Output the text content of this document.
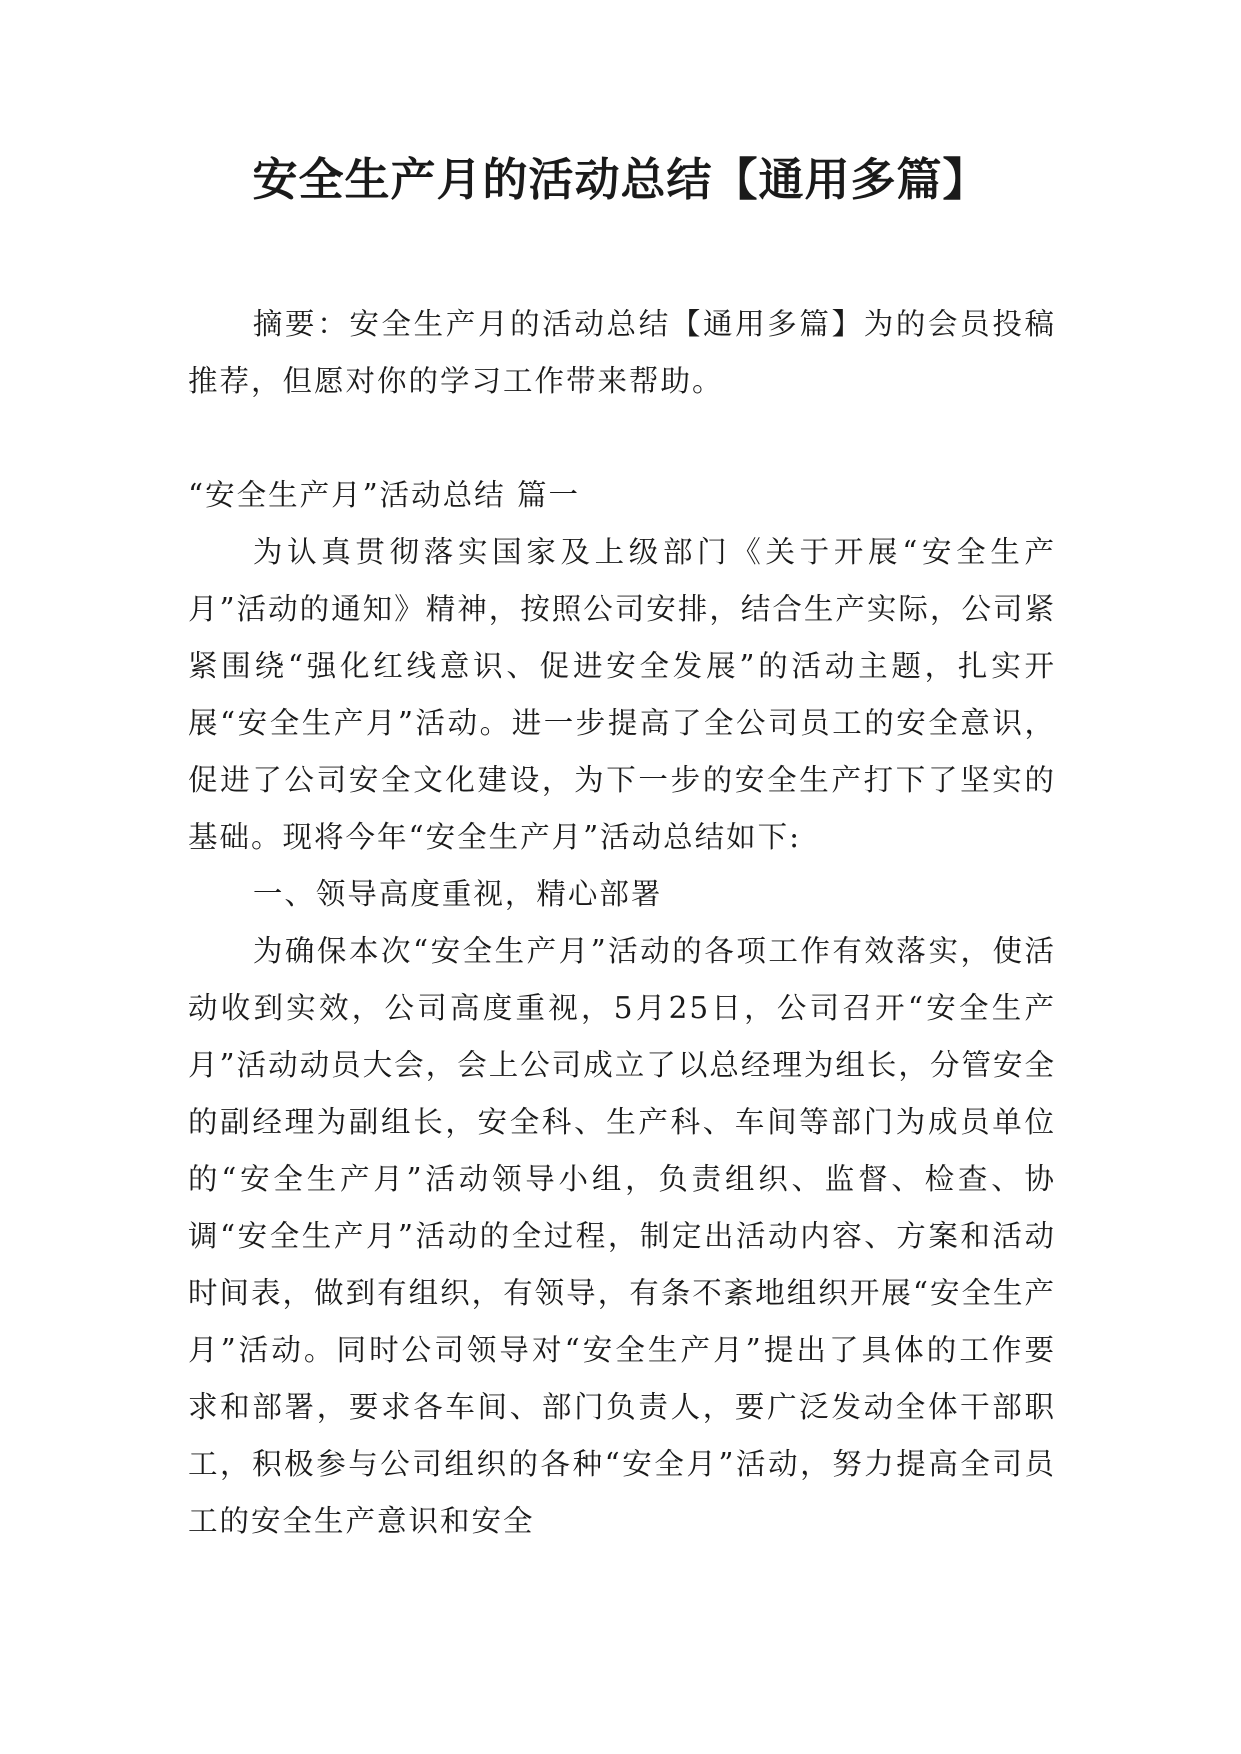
安全生产月的活动总结【通用多篇】

摘要：安全生产月的活动总结【通用多篇】为的会员投稿推荐，但愿对你的学习工作带来帮助。

“安全生产月”活动总结 篇一

为认真贯彻落实国家及上级部门《关于开展“安全生产月”活动的通知》精神，按照公司安排，结合生产实际，公司紧紧围绕“强化红线意识、促进安全发展”的活动主题，扎实开展“安全生产月”活动。进一步提高了全公司员工的安全意识，促进了公司安全文化建设，为下一步的安全生产打下了坚实的基础。现将今年“安全生产月”活动总结如下:

一、领导高度重视，精心部署

为确保本次“安全生产月”活动的各项工作有效落实，使活动收到实效，公司高度重视，5月25日，公司召开“安全生产月”活动动员大会，会上公司成立了以总经理为组长，分管安全的副经理为副组长，安全科、生产科、车间等部门为成员单位的“安全生产月”活动领导小组，负责组织、监督、检查、协调“安全生产月”活动的全过程，制定出活动内容、方案和活动时间表，做到有组织，有领导，有条不紊地组织开展“安全生产月”活动。同时公司领导对“安全生产月”提出了具体的工作要求和部署，要求各车间、部门负责人，要广泛发动全体干部职工，积极参与公司组织的各种“安全月”活动，努力提高全司员工的安全生产意识和安全
